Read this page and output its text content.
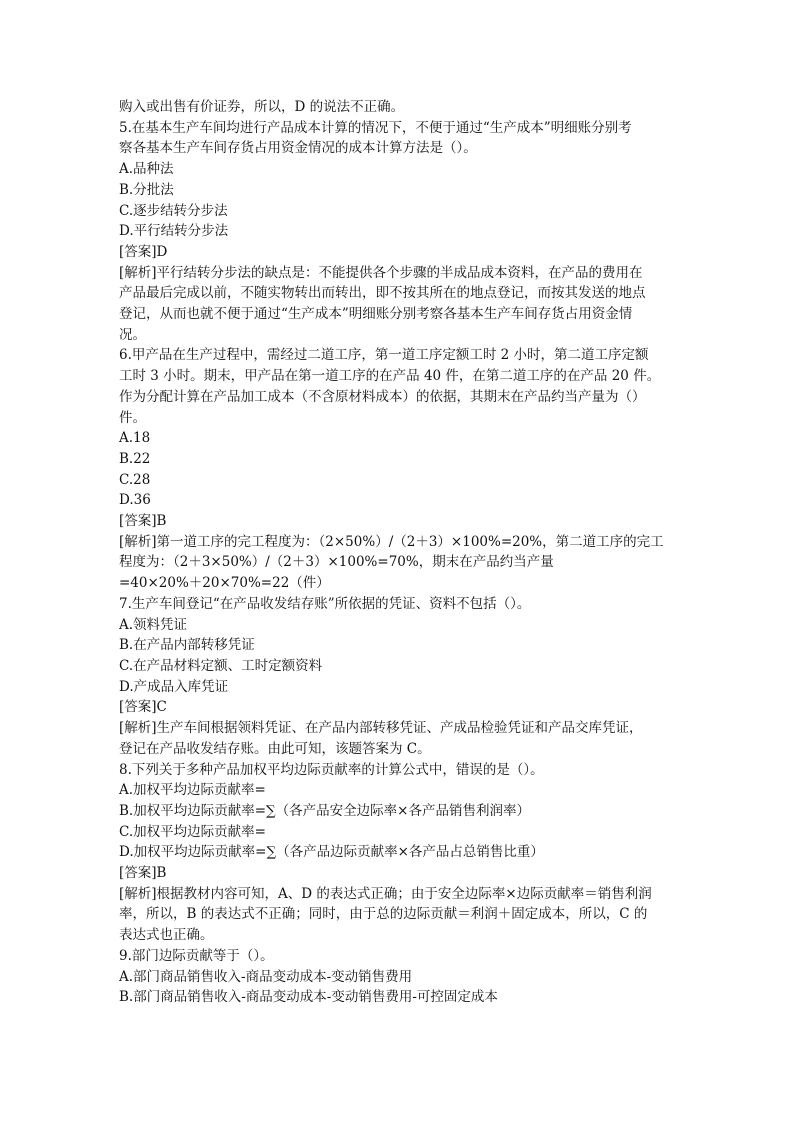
购入或出售有价证券，所以，D 的说法不正确。
5.在基本生产车间均进行产品成本计算的情况下，不便于通过“生产成本”明细账分别考
察各基本生产车间存货占用资金情况的成本计算方法是（）。
A.品种法
B.分批法
C.逐步结转分步法
D.平行结转分步法
[答案]D
[解析]平行结转分步法的缺点是：不能提供各个步骤的半成品成本资料，在产品的费用在
产品最后完成以前，不随实物转出而转出，即不按其所在的地点登记，而按其发送的地点
登记，从而也就不便于通过“生产成本”明细账分别考察各基本生产车间存货占用资金情
况。
6.甲产品在生产过程中，需经过二道工序，第一道工序定额工时 2 小时，第二道工序定额
工时 3 小时。期末，甲产品在第一道工序的在产品 40 件，在第二道工序的在产品 20 件。
作为分配计算在产品加工成本（不含原材料成本）的依据，其期末在产品约当产量为（）
件。
A.18
B.22
C.28
D.36
[答案]B
[解析]第一道工序的完工程度为：（2×50%）/（2＋3）×100%=20%，第二道工序的完工
程度为：（2＋3×50%）/（2＋3）×100%=70%，期末在产品约当产量
=40×20%＋20×70%=22（件）
7.生产车间登记“在产品收发结存账”所依据的凭证、资料不包括（）。
A.领料凭证
B.在产品内部转移凭证
C.在产品材料定额、工时定额资料
D.产成品入库凭证
[答案]C
[解析]生产车间根据领料凭证、在产品内部转移凭证、产成品检验凭证和产品交库凭证，
登记在产品收发结存账。由此可知，该题答案为 C。
8.下列关于多种产品加权平均边际贡献率的计算公式中，错误的是（）。
A.加权平均边际贡献率=
B.加权平均边际贡献率=∑（各产品安全边际率×各产品销售利润率）
C.加权平均边际贡献率=
D.加权平均边际贡献率=∑（各产品边际贡献率×各产品占总销售比重）
[答案]B
[解析]根据教材内容可知，A、D 的表达式正确；由于安全边际率×边际贡献率＝销售利润
率，所以，B 的表达式不正确；同时，由于总的边际贡献＝利润＋固定成本，所以，C 的
表达式也正确。
9.部门边际贡献等于（）。
A.部门商品销售收入-商品变动成本-变动销售费用
B.部门商品销售收入-商品变动成本-变动销售费用-可控固定成本
